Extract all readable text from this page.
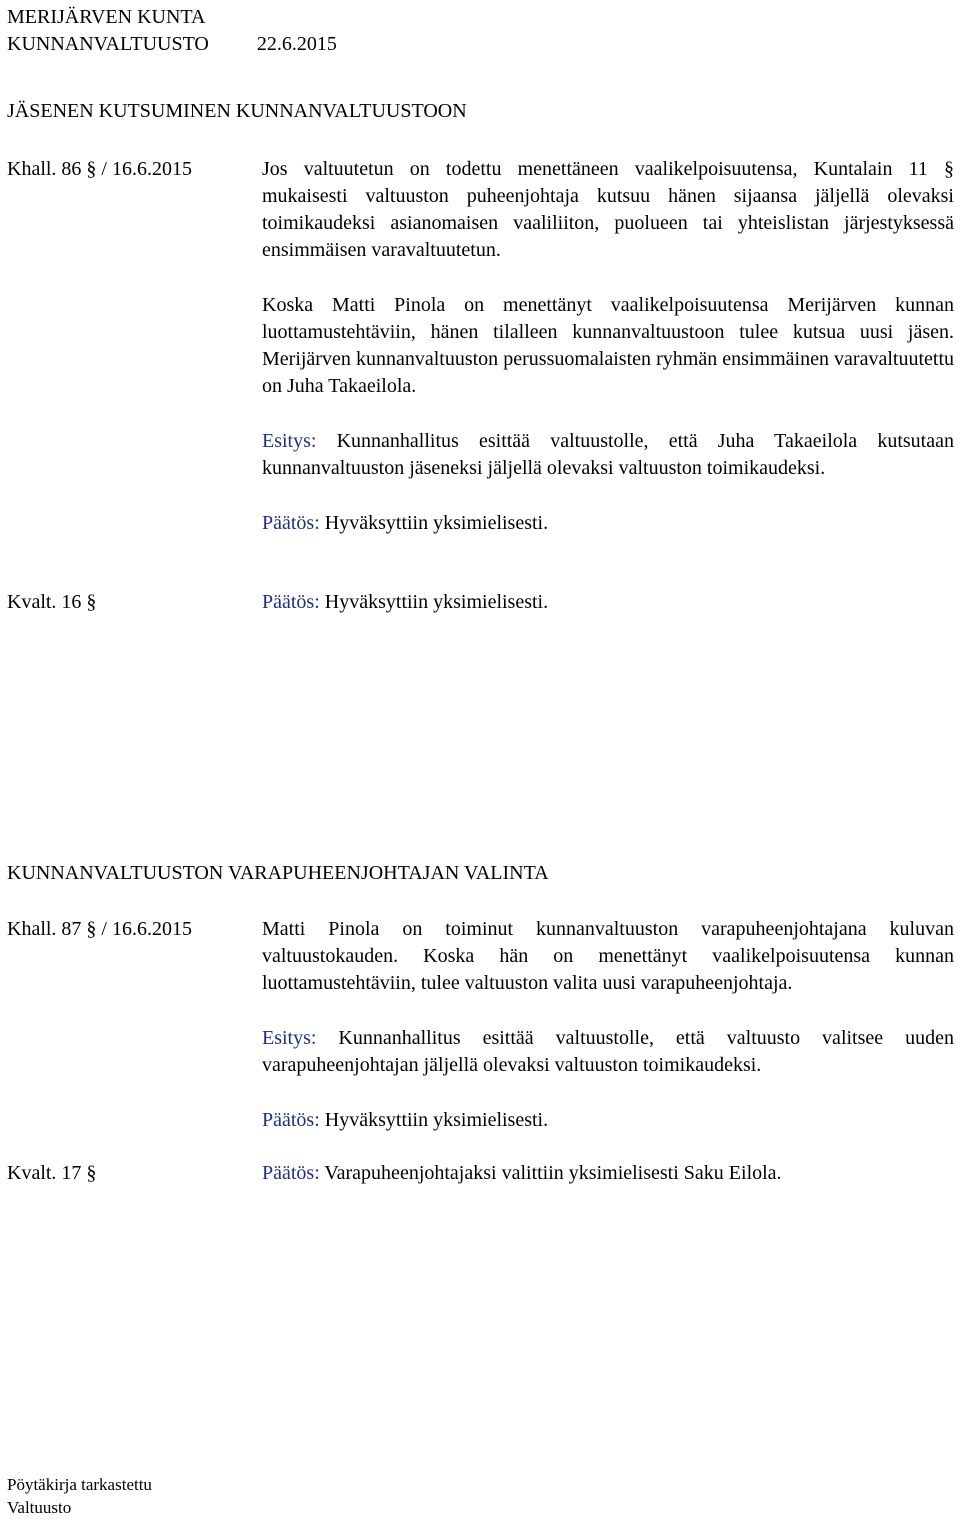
MERIJÄRVEN KUNTA
KUNNANVALTUUSTO 22.6.2015
JÄSENEN KUTSUMINEN KUNNANVALTUUSTOON
Khall. 86 § / 16.6.2015	Jos valtuutetun on todettu menettäneen vaalikelpoisuutensa, Kuntalain 11 § mukaisesti valtuuston puheenjohtaja kutsuu hänen sijaansa jäljellä olevaksi toimikaudeksi asianomaisen vaaliliiton, puolueen tai yhteislistan järjestyksessä ensimmäisen varavaltuutetun.

Koska Matti Pinola on menettänyt vaalikelpoisuutensa Merijärven kunnan luottamustehtäviin, hänen tilalleen kunnanvaltuustoon tulee kutsua uusi jäsen. Merijärven kunnanvaltuuston perussuomalaisten ryhmän ensimmäinen varavaltuutettu on Juha Takaeilola.

Esitys: Kunnanhallitus esittää valtuustolle, että Juha Takaeilola kutsutaan kunnanvaltuuston jäseneksi jäljellä olevaksi valtuuston toimikaudeksi.

Päätös: Hyväksyttiin yksimielisesti.

Kvalt. 16 §	Päätös: Hyväksyttiin yksimielisesti.
KUNNANVALTUUSTON VARAPUHEENJOHTAJAN VALINTA
Khall. 87 § / 16.6.2015	Matti Pinola on toiminut kunnanvaltuuston varapuheenjohtajana kuluvan valtuustokauden. Koska hän on menettänyt vaalikelpoisuutensa kunnan luottamustehtäviin, tulee valtuuston valita uusi varapuheenjohtaja.

Esitys: Kunnanhallitus esittää valtuustolle, että valtuusto valitsee uuden varapuheenjohtajan jäljellä olevaksi valtuuston toimikaudeksi.

Päätös: Hyväksyttiin yksimielisesti.

Kvalt. 17 §	Päätös: Varapuheenjohtajaksi valittiin yksimielisesti Saku Eilola.
Pöytäkirja tarkastettu
Valtuusto
